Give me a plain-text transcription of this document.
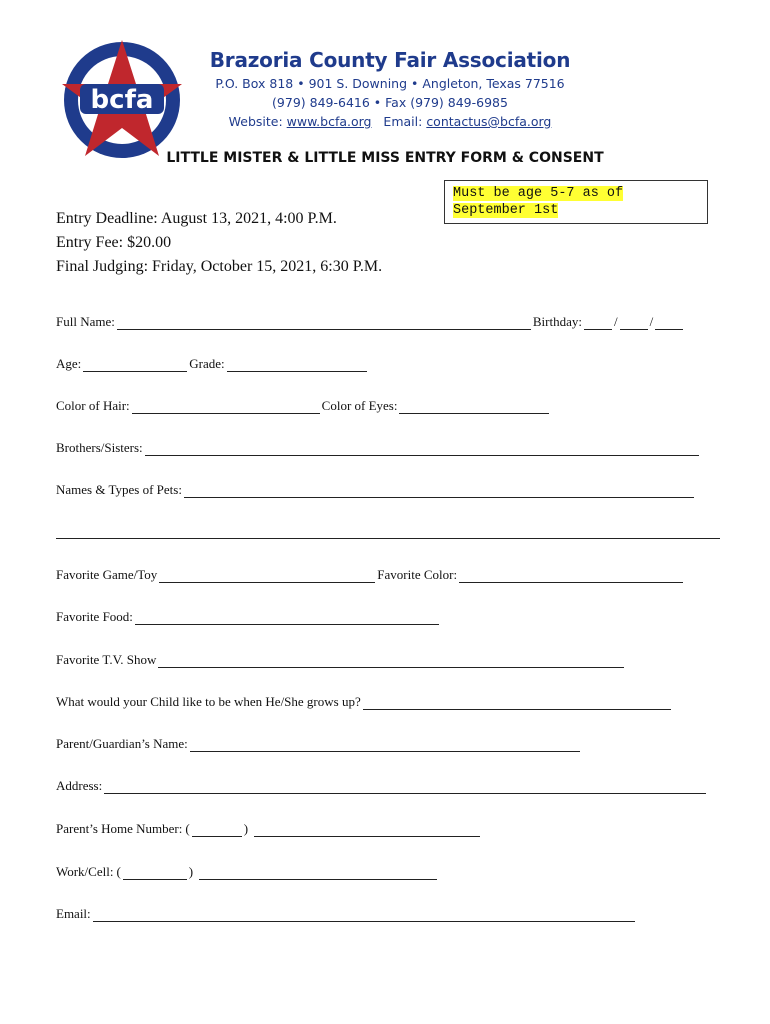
bcfa
Brazoria County Fair Association
P.O. Box 818 • 901 S. Downing • Angleton, Texas 77516
(979) 849-6416 • Fax (979) 849-6985
Website: www.bcfa.org Email: contactus@bcfa.org
LITTLE MISTER & LITTLE MISS ENTRY FORM & CONSENT
Must be age 5-7 as of
September 1st
Entry Deadline: August 13, 2021, 4:00 P.M.
Entry Fee: $20.00
Final Judging: Friday, October 15, 2021, 6:30 P.M.
Full Name:	Birthday: /
/
Age:	Grade:
Color of Hair:	Color of Eyes:
Brothers/Sisters:
Names & Types of Pets:
Favorite Game/Toy	Favorite Color:
Favorite Food:
Favorite T.V. Show
What would your Child like to be when He/She grows up?
Parent/Guardian’s Name:
Address:
Parent’s Home Number: (	)
Work/Cell: (	)
Email:
